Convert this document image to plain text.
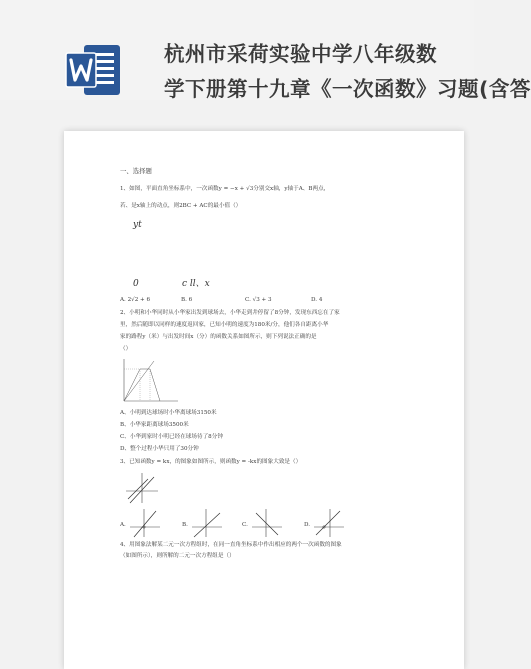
杭州市采荷实验中学八年级数
学下册第十九章《一次函数》习题(含答
一、选择题
1、如图，平面直角坐标系中，一次函数y = −x + √3分别交x轴，y轴于A、B两点，
若、是x轴上的动点，则2BC + AC的最小值（）
yt
0	c ll、x
A. 2√2 + 6	B. 6	C. √3 + 3	D. 4
2、小明和小华同时从小华家出发到球场去，小华走到井停留了8分钟，发现东西忘在了家
里，然后随即以同样的速度返回家，已知小明的速度为180米/分，他们各自距离小华
家的路程y（米）与出发时间x（分）的函数关系如图所示，则下列说法正确的是
（）
A、小明到达球场时小华离球场3150米
B、小华家距离球场3500米
C、小华到家时小明已经在球场待了8分钟
D、整个过程小华只用了30分钟
3、已知函数y = kx，的图象如图所示，则函数y = -kx的图象大致是（）
A.	B.	C.	D.
4、用图象法解某二元一次方程组时，在同一直角坐标系中作出相应的两个一次函数的图象
（如图所示），则所解的二元一次方程组是（）
